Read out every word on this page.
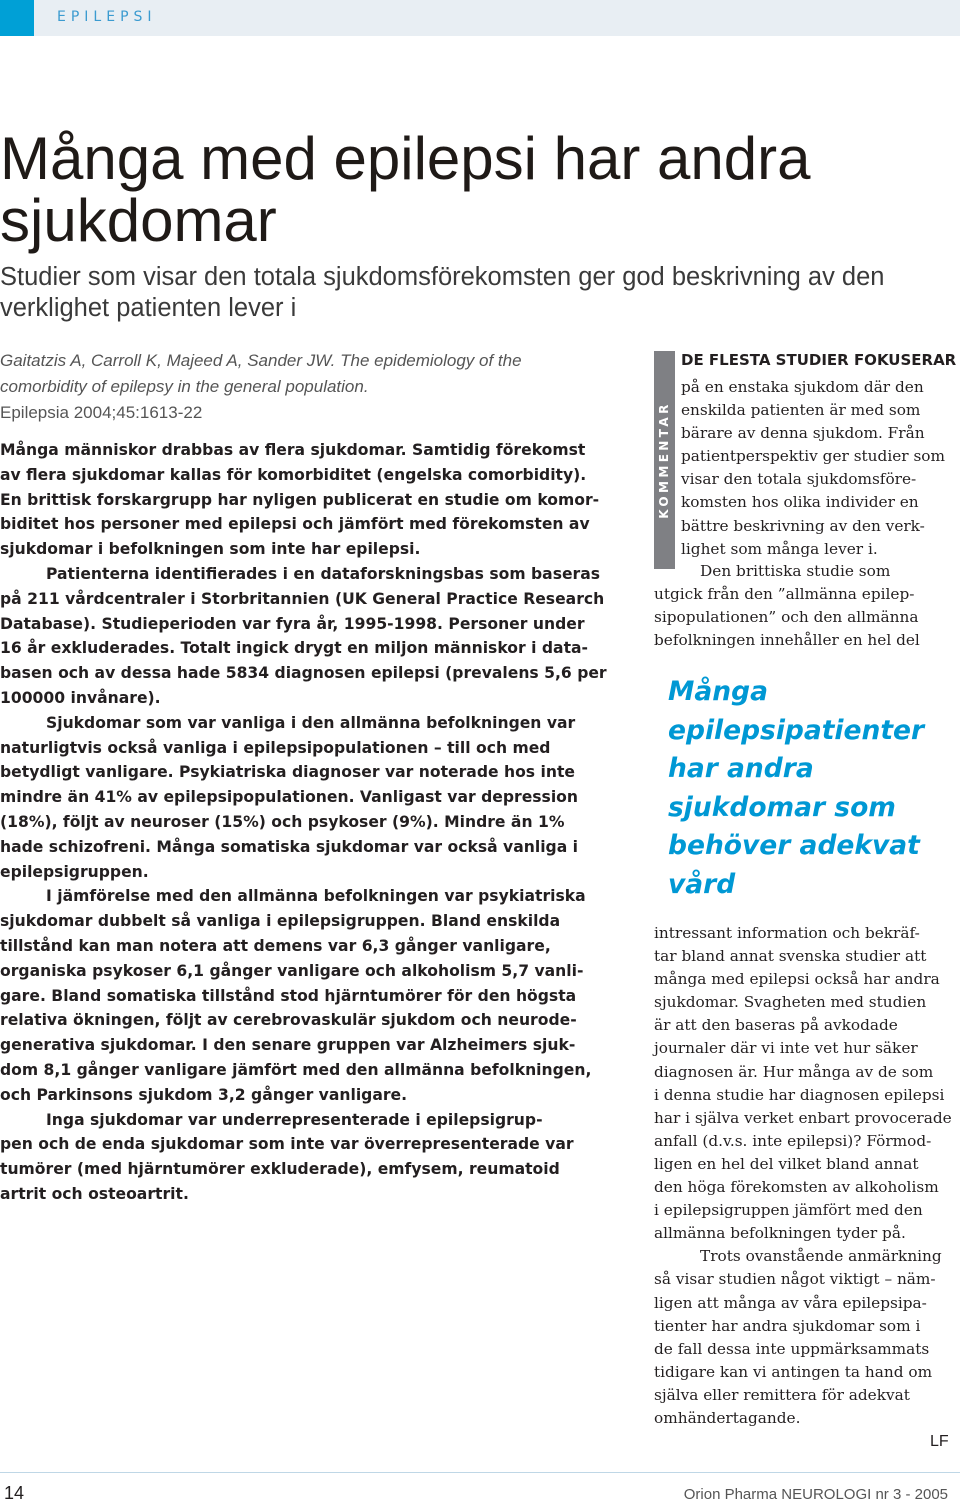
EPILEPSI
Många med epilepsi har andra sjukdomar

Studier som visar den totala sjukdomsförekomsten ger god beskrivning av den verklighet patienten lever i

Gaitatzis A, Carroll K, Majeed A, Sander JW. The epidemiology of the
comorbidity of epilepsy in the general population.
Epilepsia 2004;45:1613-22
Många människor drabbas av flera sjukdomar. Samtidig förekomst
av flera sjukdomar kallas för komorbiditet (engelska comorbidity).
En brittisk forskargrupp har nyligen publicerat en studie om komor-
biditet hos personer med epilepsi och jämfört med förekomsten av
sjukdomar i befolkningen som inte har epilepsi.
Patienterna identifierades i en dataforskningsbas som baseras
på 211 vårdcentraler i Storbritannien (UK General Practice Research
Database). Studieperioden var fyra år, 1995-1998. Personer under
16 år exkluderades. Totalt ingick drygt en miljon människor i data-
basen och av dessa hade 5834 diagnosen epilepsi (prevalens 5,6 per
100000 invånare).
Sjukdomar som var vanliga i den allmänna befolkningen var
naturligtvis också vanliga i epilepsipopulationen – till och med
betydligt vanligare. Psykiatriska diagnoser var noterade hos inte
mindre än 41% av epilepsipopulationen. Vanligast var depression
(18%), följt av neuroser (15%) och psykoser (9%). Mindre än 1%
hade schizofreni. Många somatiska sjukdomar var också vanliga i
epilepsigruppen.
I jämförelse med den allmänna befolkningen var psykiatriska
sjukdomar dubbelt så vanliga i epilepsigruppen. Bland enskilda
tillstånd kan man notera att demens var 6,3 gånger vanligare,
organiska psykoser 6,1 gånger vanligare och alkoholism 5,7 vanli-
gare. Bland somatiska tillstånd stod hjärntumörer för den högsta
relativa ökningen, följt av cerebrovaskulär sjukdom och neurode-
generativa sjukdomar. I den senare gruppen var Alzheimers sjuk-
dom 8,1 gånger vanligare jämfört med den allmänna befolkningen,
och Parkinsons sjukdom 3,2 gånger vanligare.
Inga sjukdomar var underrepresenterade i epilepsigrup-
pen och de enda sjukdomar som inte var överrepresenterade var
tumörer (med hjärntumörer exkluderade), emfysem, reumatoid
artrit och osteoartrit.
KOMMENTAR
DE FLESTA STUDIER FOKUSERAR
på en enstaka sjukdom där den
enskilda patienten är med som
bärare av denna sjukdom. Från
patientperspektiv ger studier som
visar den totala sjukdomsföre-
komsten hos olika individer en
bättre beskrivning av den verk-
lighet som många lever i.
Den brittiska studie som
utgick från den ”allmänna epilep-
sipopulationen” och den allmänna
befolkningen innehåller en hel del
Många
epilepsipatienter
har andra
sjukdomar som
behöver adekvat
vård
intressant information och bekräf-
tar bland annat svenska studier att
många med epilepsi också har andra
sjukdomar. Svagheten med studien
är att den baseras på avkodade
journaler där vi inte vet hur säker
diagnosen är. Hur många av de som
i denna studie har diagnosen epilepsi
har i själva verket enbart provocerade
anfall (d.v.s. inte epilepsi)? Förmod-
ligen en hel del vilket bland annat
den höga förekomsten av alkoholism
i epilepsigruppen jämfört med den
allmänna befolkningen tyder på.
Trots ovanstående anmärkning
så visar studien något viktigt – näm-
ligen att många av våra epilepsipa-
tienter har andra sjukdomar som i
de fall dessa inte uppmärksammats
tidigare kan vi antingen ta hand om
själva eller remittera för adekvat
omhändertagande.
LF
14	Orion Pharma NEUROLOGI nr 3 - 2005
